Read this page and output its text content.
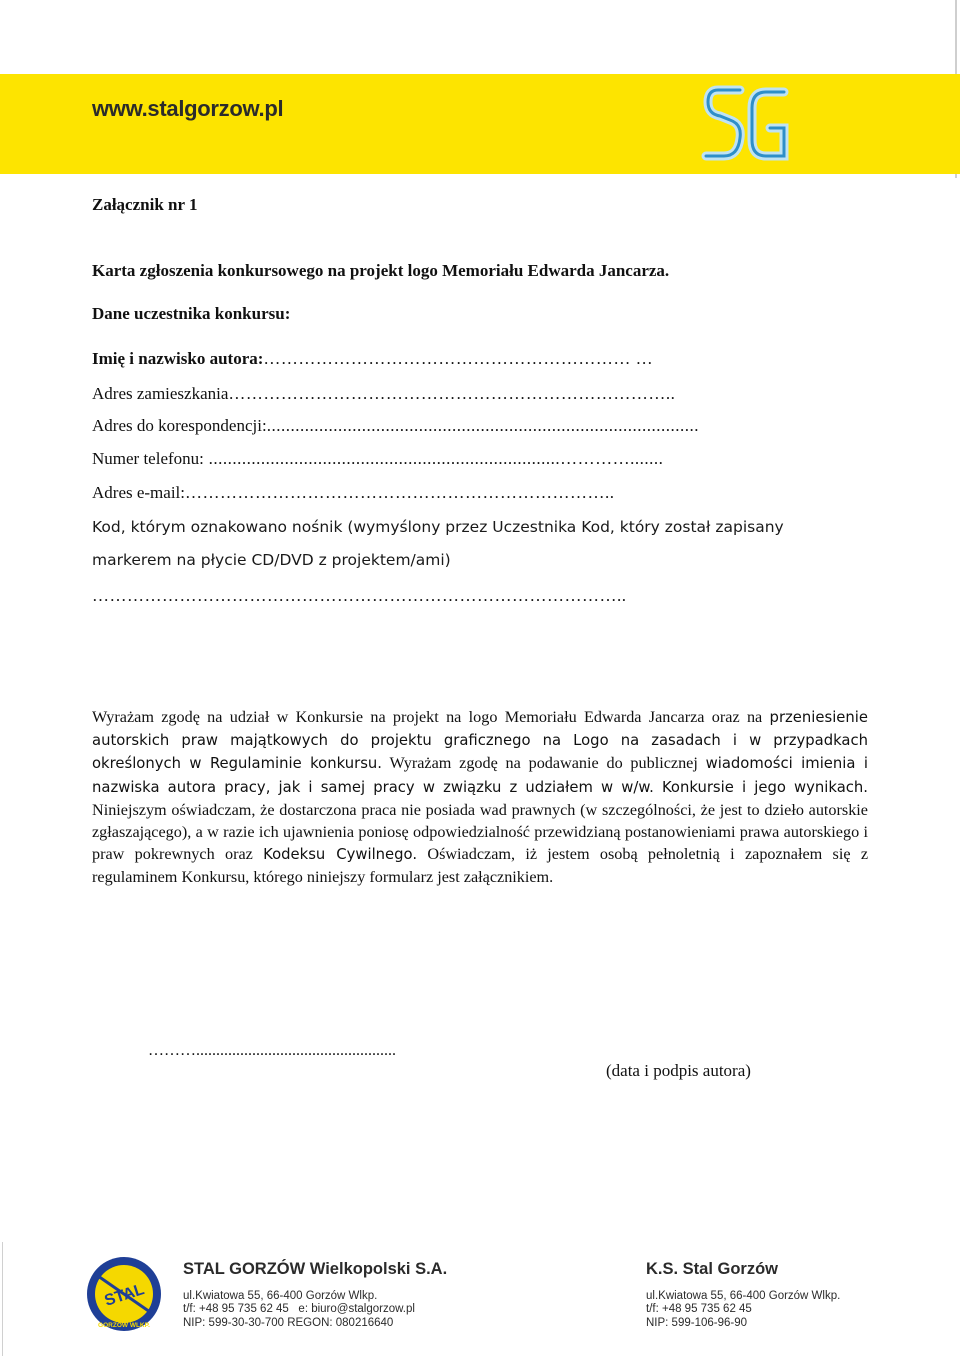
www.stalgorzow.pl
Załącznik nr 1
Karta zgłoszenia konkursowego na projekt logo Memoriału Edwarda Jancarza.
Dane uczestnika konkursu:
Imię i nazwisko autora:……………………………………………………… …
Adres zamieszkania…………………………………………………………………..
Adres do korespondencji:...........................................................................................
Numer telefonu: ..........................................................................………….......
Adres e-mail:………………………………………………………………..
Kod, którym oznakowano nośnik (wymyślony przez Uczestnika Kod, który został zapisany
markerem na płycie CD/DVD z projektem/ami)
………………………………………………………………………………..
Wyrażam zgodę na udział w Konkursie na projekt na logo Memoriału Edwarda Jancarza oraz na przeniesienie autorskich praw majątkowych do projektu graficznego na Logo na zasadach i w przypadkach określonych w Regulaminie konkursu. Wyrażam zgodę na podawanie do publicznej wiadomości imienia i nazwiska autora pracy, jak i samej pracy w związku z udziałem w w/w. Konkursie i jego wynikach. Niniejszym oświadczam, że dostarczona praca nie posiada wad prawnych (w szczególności, że jest to dzieło autorskie zgłaszającego), a w razie ich ujawnienia poniosę odpowiedzialność przewidzianą postanowieniami prawa autorskiego i praw pokrewnych oraz Kodeksu Cywilnego. Oświadczam, iż jestem osobą pełnoletnią i zapoznałem się z regulaminem Konkursu, którego niniejszy formularz jest załącznikiem.
………..................................................
(data i podpis autora)
STAL
GORZÓW WLKP.
STAL GORZÓW Wielkopolski S.A.
ul.Kwiatowa 55, 66-400 Gorzów Wlkp.
t/f: +48 95 735 62 45 e: biuro@stalgorzow.pl
NIP: 599-30-30-700 REGON: 080216640
K.S. Stal Gorzów
ul.Kwiatowa 55, 66-400 Gorzów Wlkp.
t/f: +48 95 735 62 45
NIP: 599-106-96-90
